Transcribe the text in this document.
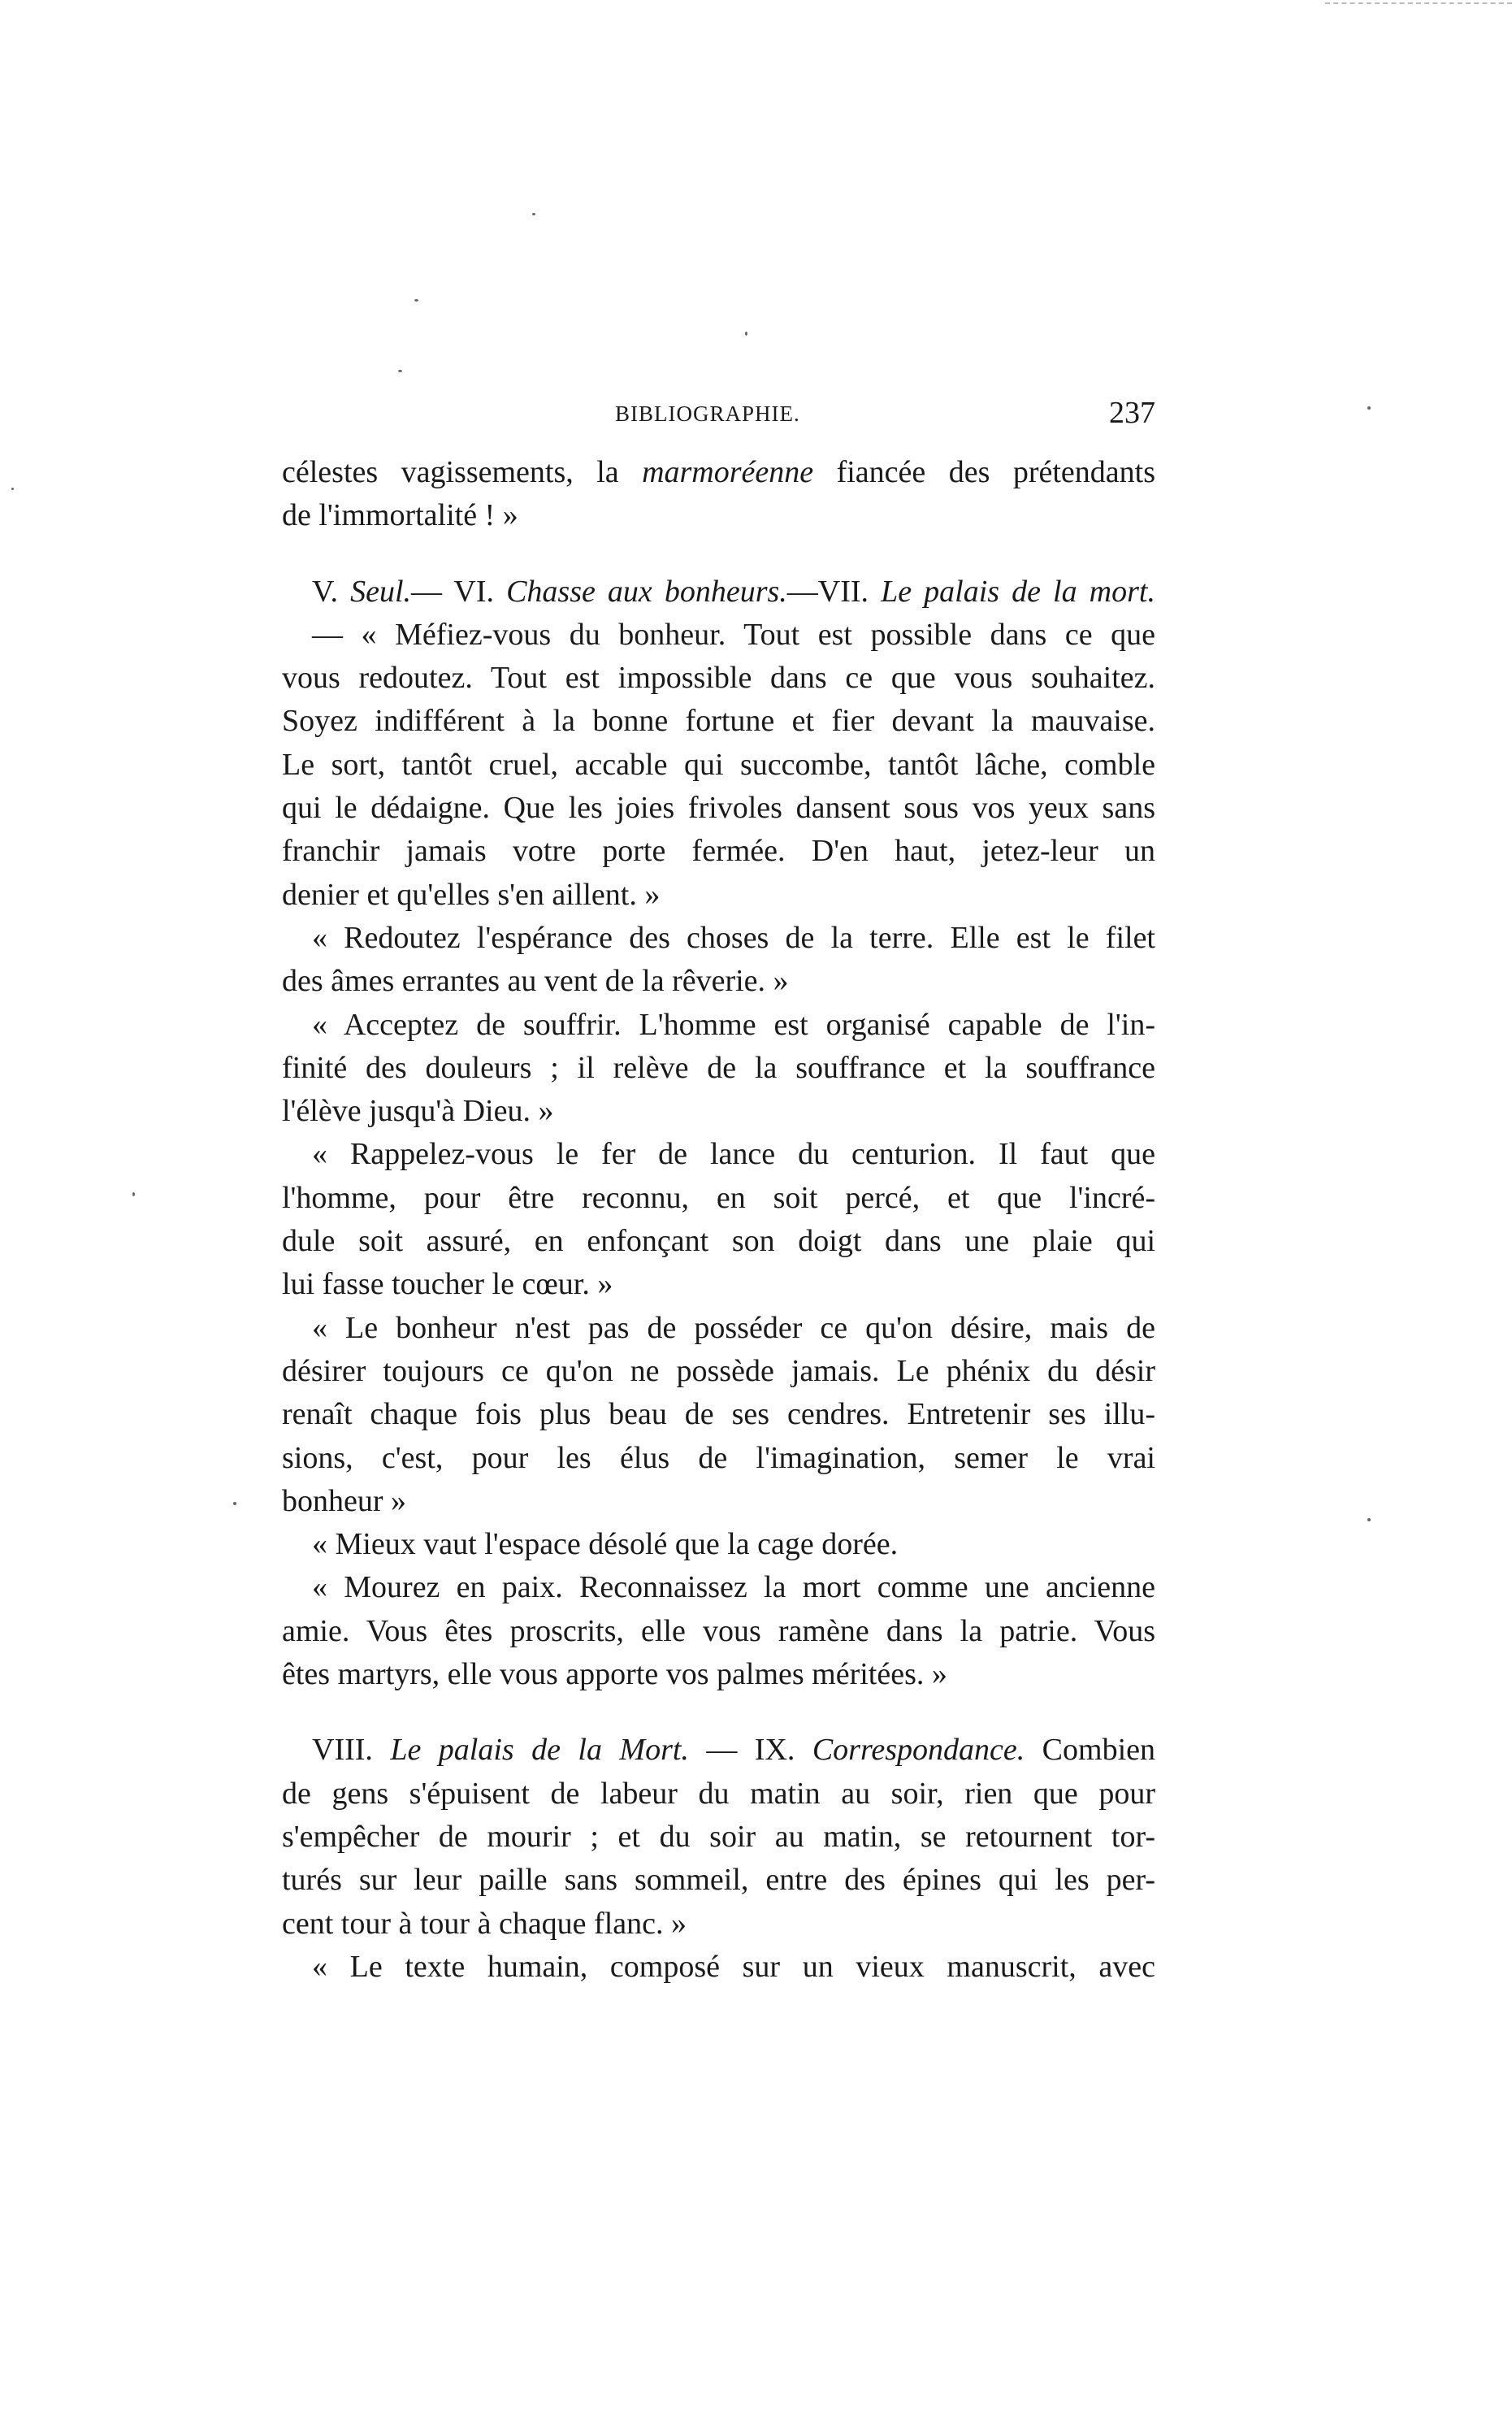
BIBLIOGRAPHIE.	237
célestes vagissements, la marmoréenne fiancée des prétendants
de l'immortalité ! »
V. Seul.— VI. Chasse aux bonheurs.—VII. Le palais de la mort.
— « Méfiez-vous du bonheur. Tout est possible dans ce que
vous redoutez. Tout est impossible dans ce que vous souhaitez.
Soyez indifférent à la bonne fortune et fier devant la mauvaise.
Le sort, tantôt cruel, accable qui succombe, tantôt lâche, comble
qui le dédaigne. Que les joies frivoles dansent sous vos yeux sans
franchir jamais votre porte fermée. D'en haut, jetez-leur un
denier et qu'elles s'en aillent. »
« Redoutez l'espérance des choses de la terre. Elle est le filet
des âmes errantes au vent de la rêverie. »
« Acceptez de souffrir. L'homme est organisé capable de l'in-
finité des douleurs ; il relève de la souffrance et la souffrance
l'élève jusqu'à Dieu. »
« Rappelez-vous le fer de lance du centurion. Il faut que
l'homme, pour être reconnu, en soit percé, et que l'incré-
dule soit assuré, en enfonçant son doigt dans une plaie qui
lui fasse toucher le cœur. »
« Le bonheur n'est pas de posséder ce qu'on désire, mais de
désirer toujours ce qu'on ne possède jamais. Le phénix du désir
renaît chaque fois plus beau de ses cendres. Entretenir ses illu-
sions, c'est, pour les élus de l'imagination, semer le vrai
bonheur »
« Mieux vaut l'espace désolé que la cage dorée.
« Mourez en paix. Reconnaissez la mort comme une ancienne
amie. Vous êtes proscrits, elle vous ramène dans la patrie. Vous
êtes martyrs, elle vous apporte vos palmes méritées. »
VIII. Le palais de la Mort. — IX. Correspondance. Combien
de gens s'épuisent de labeur du matin au soir, rien que pour
s'empêcher de mourir ; et du soir au matin, se retournent tor-
turés sur leur paille sans sommeil, entre des épines qui les per-
cent tour à tour à chaque flanc. »
« Le texte humain, composé sur un vieux manuscrit, avec
